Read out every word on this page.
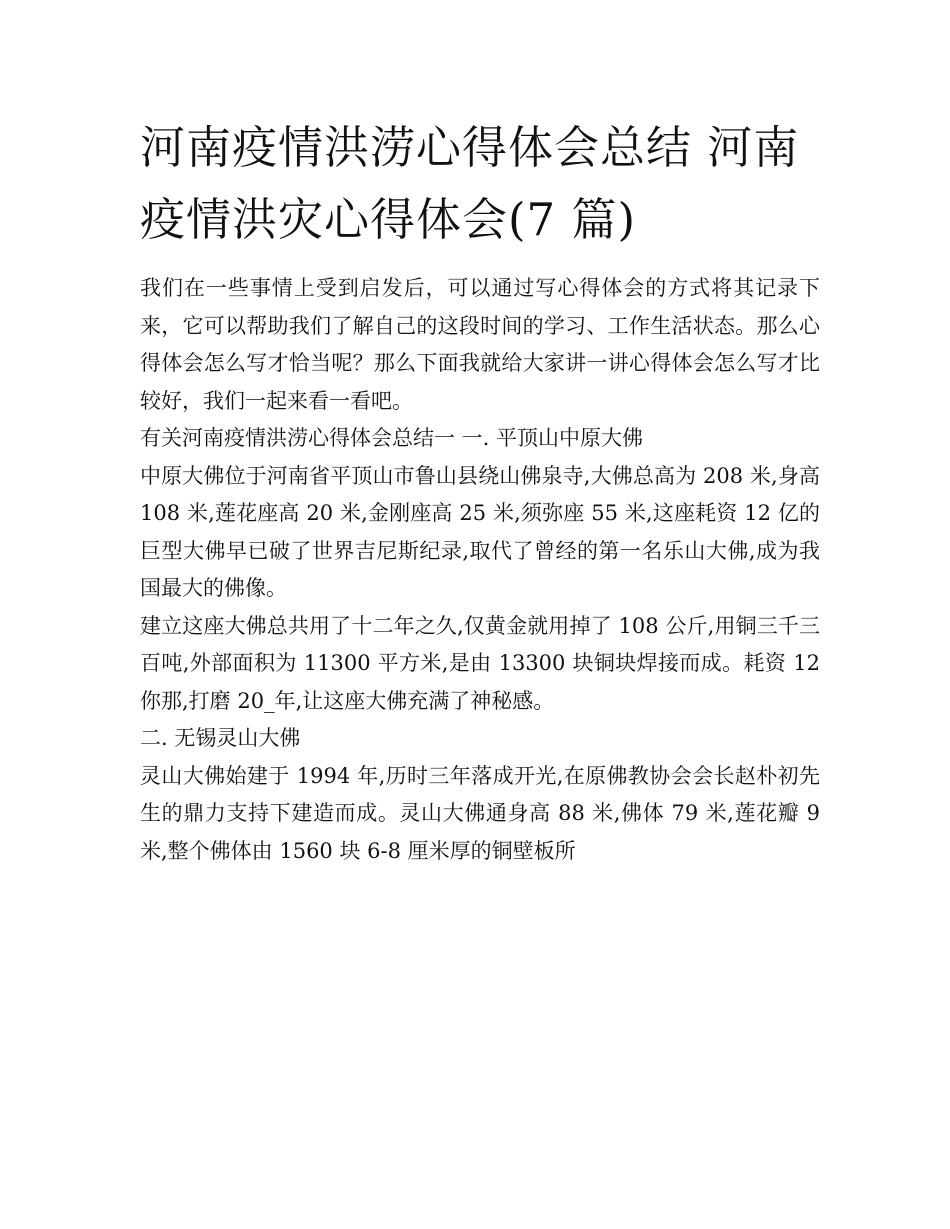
河南疫情洪涝心得体会总结 河南疫情洪灾心得体会(7 篇)

我们在一些事情上受到启发后，可以通过写心得体会的方式将其记录下来，它可以帮助我们了解自己的这段时间的学习、工作生活状态。那么心得体会怎么写才恰当呢？那么下面我就给大家讲一讲心得体会怎么写才比较好，我们一起来看一看吧。

有关河南疫情洪涝心得体会总结一 一. 平顶山中原大佛

中原大佛位于河南省平顶山市鲁山县绕山佛泉寺,大佛总高为 208 米,身高 108 米,莲花座高 20 米,金刚座高 25 米,须弥座 55 米,这座耗资 12 亿的巨型大佛早已破了世界吉尼斯纪录,取代了曾经的第一名乐山大佛,成为我国最大的佛像。

建立这座大佛总共用了十二年之久,仅黄金就用掉了 108 公斤,用铜三千三百吨,外部面积为 11300 平方米,是由 13300 块铜块焊接而成。耗资 12 你那,打磨 20_年,让这座大佛充满了神秘感。

二. 无锡灵山大佛

灵山大佛始建于 1994 年,历时三年落成开光,在原佛教协会会长赵朴初先生的鼎力支持下建造而成。灵山大佛通身高 88 米,佛体 79 米,莲花瓣 9 米,整个佛体由 1560 块 6-8 厘米厚的铜壁板所
